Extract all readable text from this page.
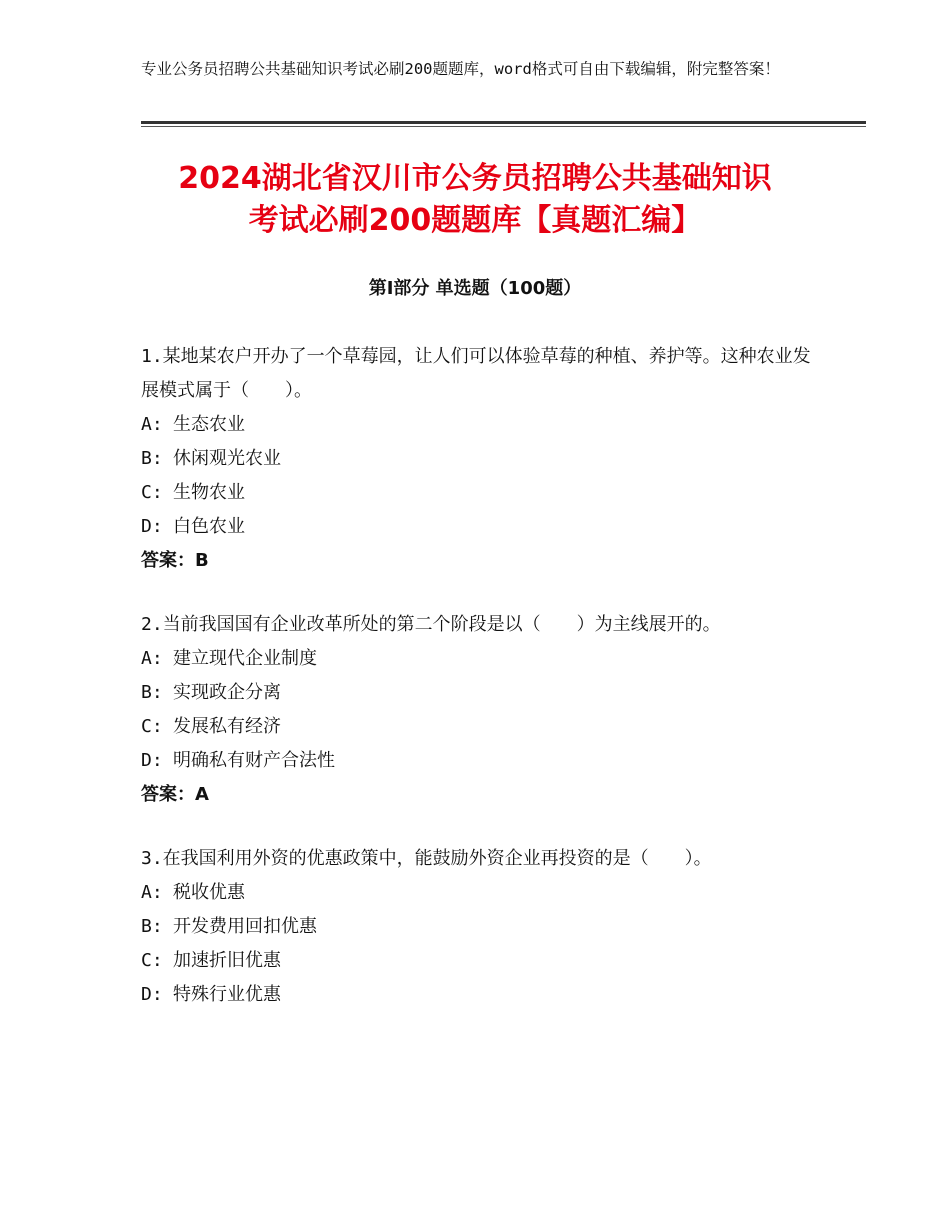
专业公务员招聘公共基础知识考试必刷200题题库，word格式可自由下载编辑，附完整答案！
2024湖北省汉川市公务员招聘公共基础知识
考试必刷200题题库【真题汇编】
第Ⅰ部分 单选题（100题）

1.某地某农户开办了一个草莓园，让人们可以体验草莓的种植、养护等。这种农业发展模式属于（　　）。

A: 生态农业

B: 休闲观光农业

C: 生物农业

D: 白色农业

答案：B

2.当前我国国有企业改革所处的第二个阶段是以（　　）为主线展开的。

A: 建立现代企业制度

B: 实现政企分离

C: 发展私有经济

D: 明确私有财产合法性

答案：A

3.在我国利用外资的优惠政策中，能鼓励外资企业再投资的是（　　）。

A: 税收优惠

B: 开发费用回扣优惠

C: 加速折旧优惠

D: 特殊行业优惠
